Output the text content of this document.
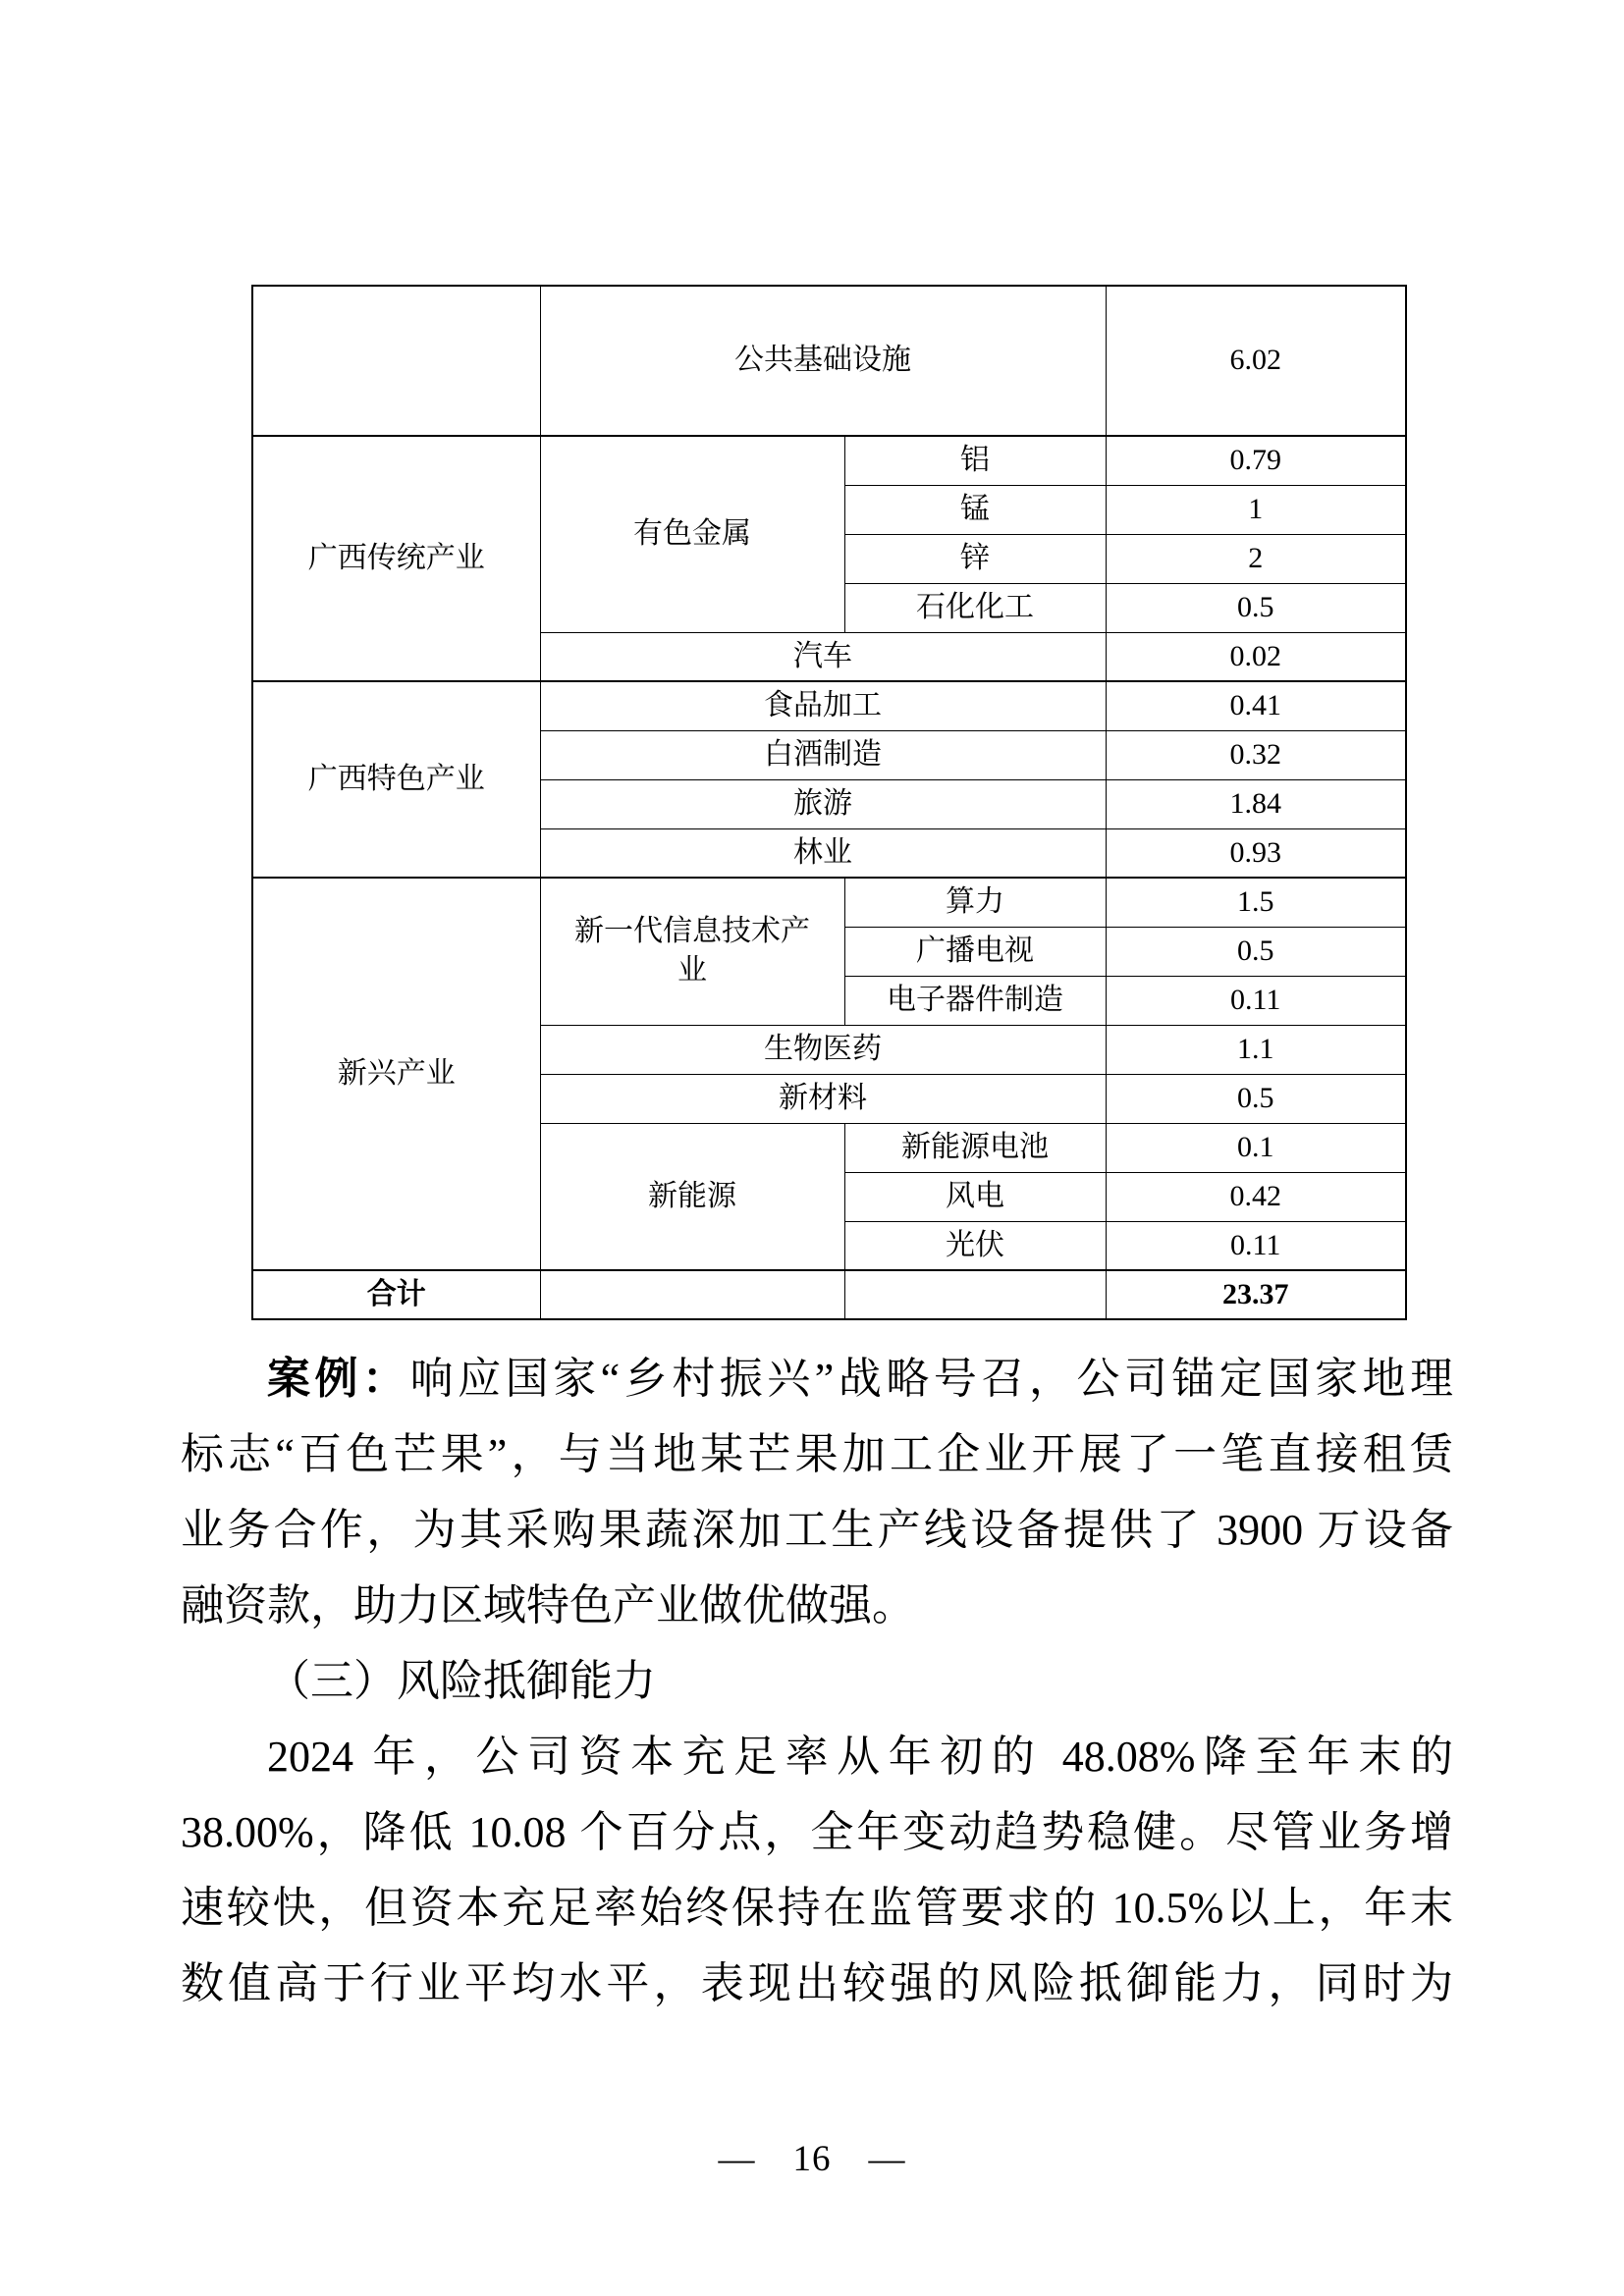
	公共基础设施		6.02
广西传统产业	有色金属	铝	0.79
		锰	1
		锌	2
		石化化工	0.5
	汽车		0.02
广西特色产业	食品加工		0.41
	白酒制造		0.32
	旅游		1.84
	林业		0.93
新兴产业	新一代信息技术产业	算力	1.5
		广播电视	0.5
		电子器件制造	0.11
	生物医药		1.1
	新材料		0.5
	新能源	新能源电池	0.1
		风电	0.42
		光伏	0.11
合计			23.37
案例：响应国家“乡村振兴”战略号召，公司锚定国家地理
标志“百色芒果”，与当地某芒果加工企业开展了一笔直接租赁
业务合作，为其采购果蔬深加工生产线设备提供了 3900 万设备
融资款，助力区域特色产业做优做强。
（三）风险抵御能力
2024 年，公司资本充足率从年初的 48.08%降至年末的
38.00%，降低 10.08 个百分点，全年变动趋势稳健。尽管业务增
速较快，但资本充足率始终保持在监管要求的 10.5%以上，年末
数值高于行业平均水平，表现出较强的风险抵御能力，同时为
—　16　—
